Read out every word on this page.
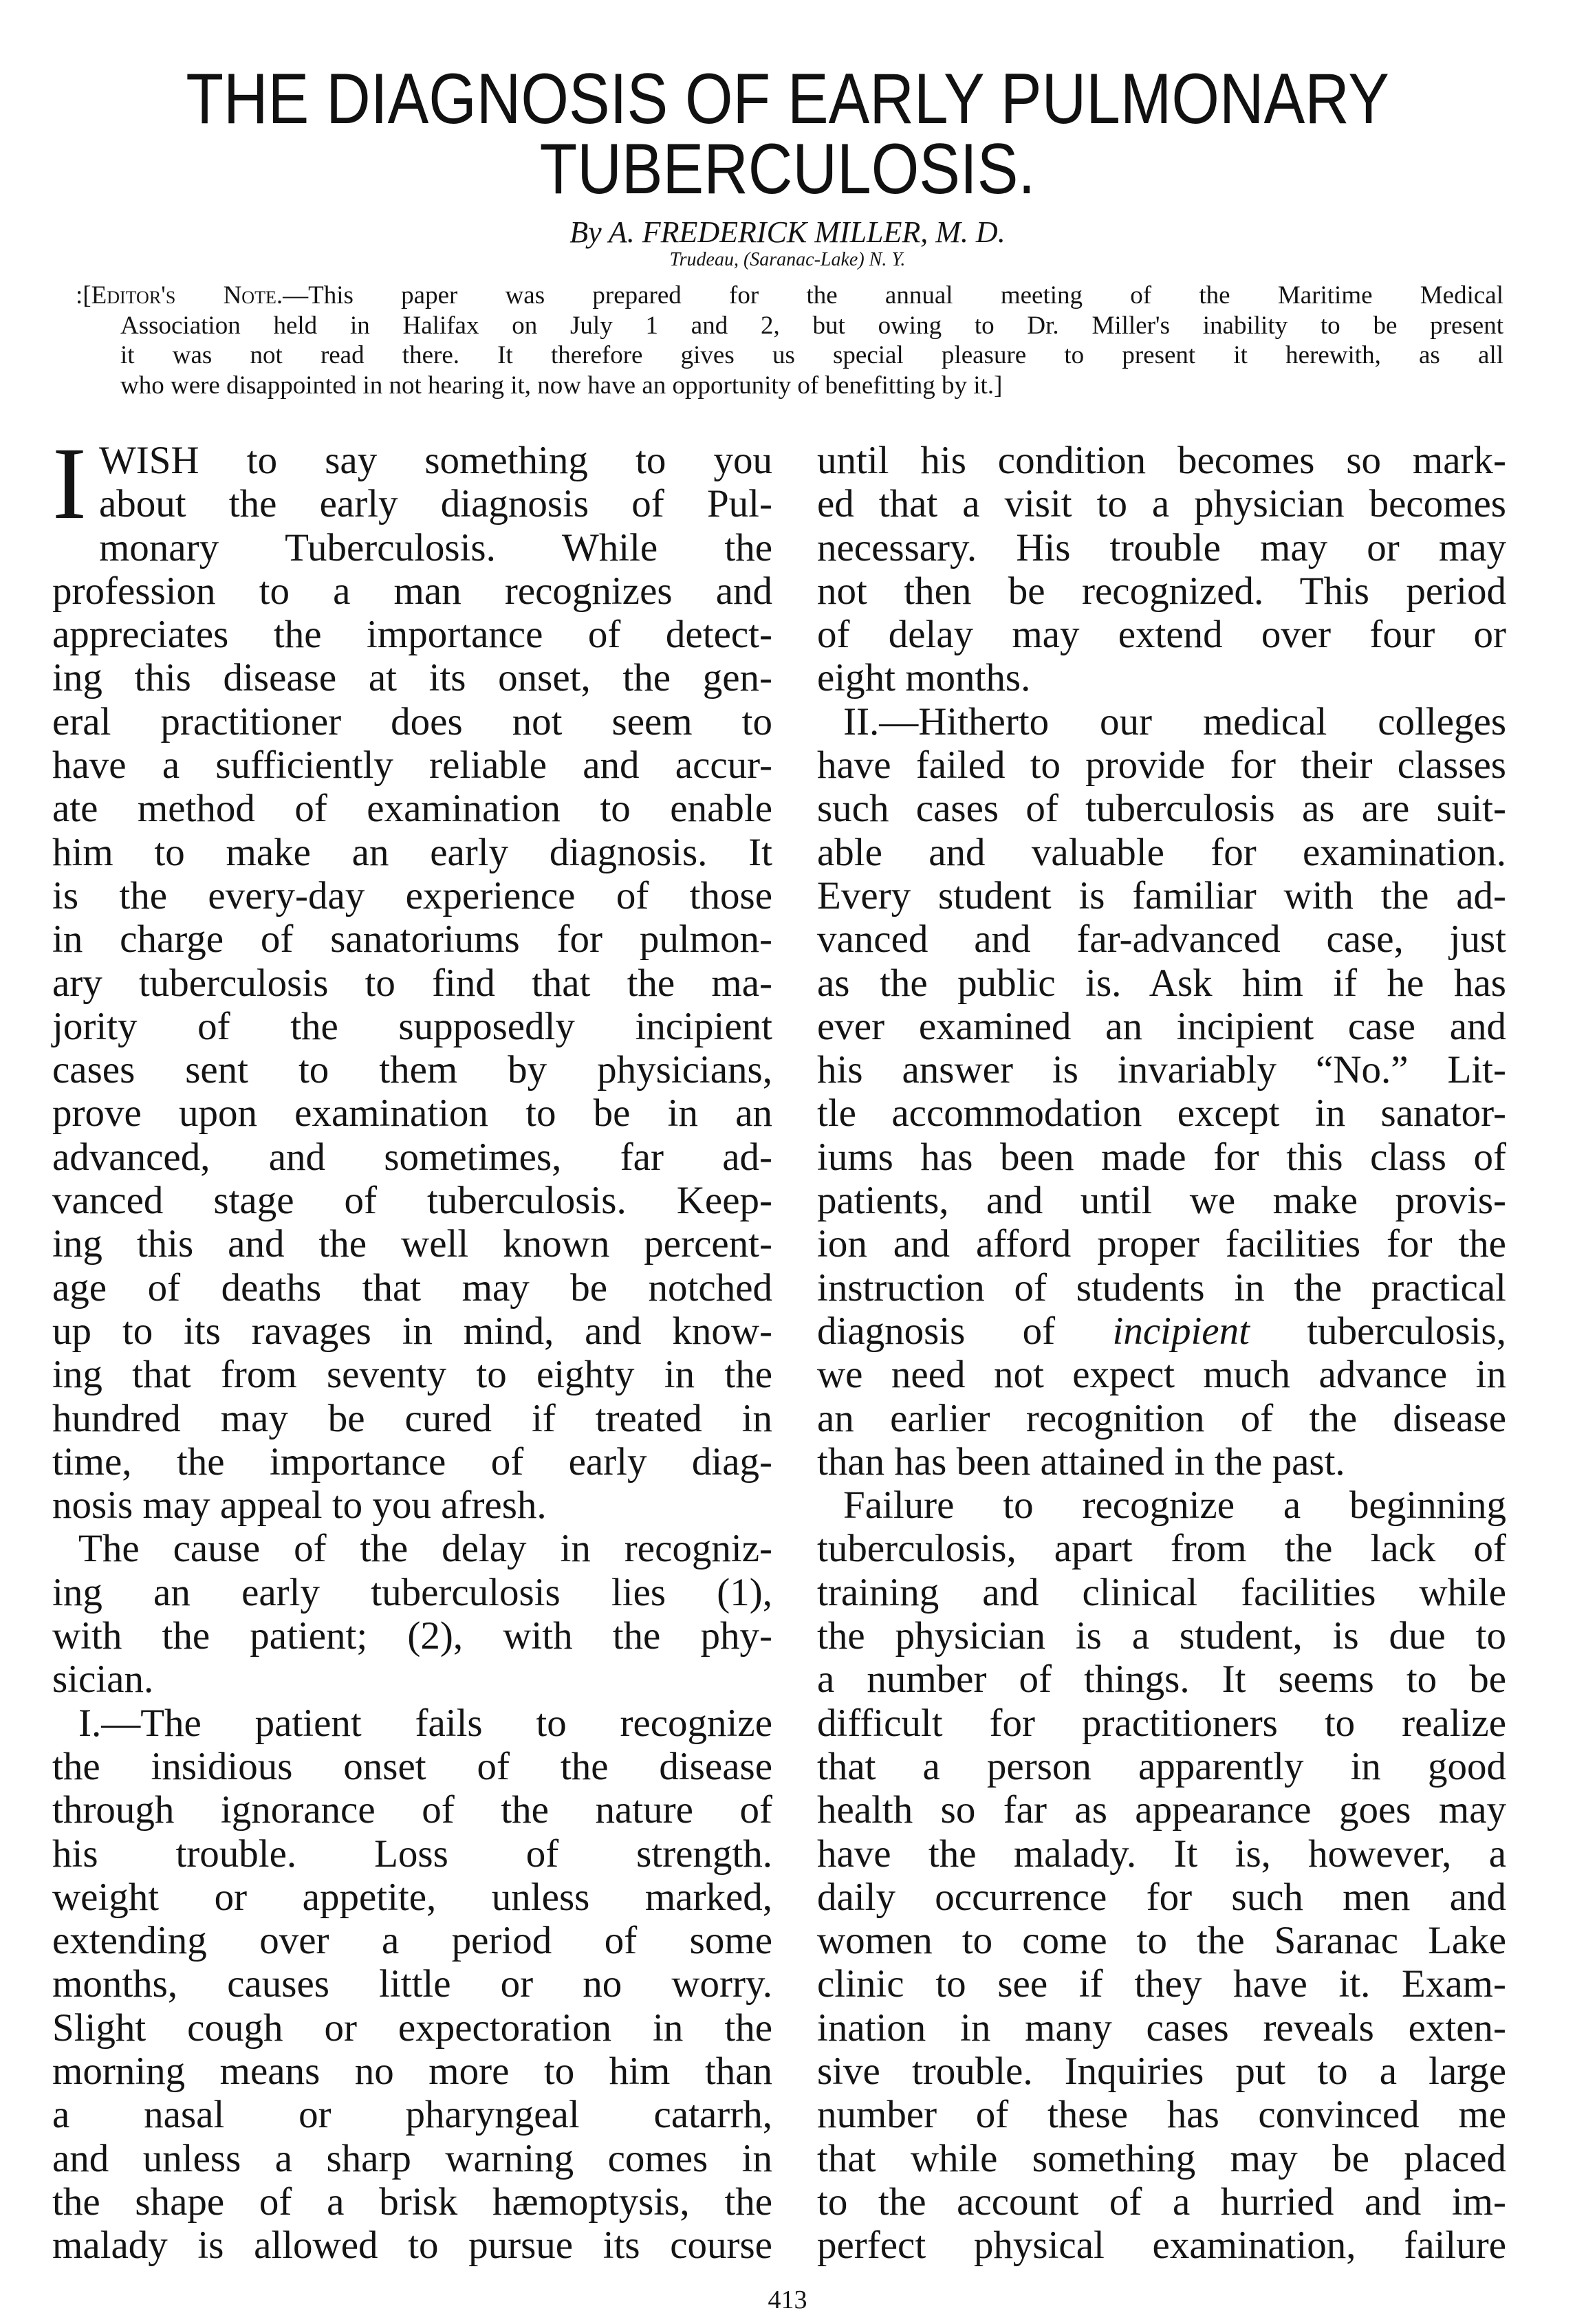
THE DIAGNOSIS OF EARLY PULMONARY
TUBERCULOSIS.
By A. FREDERICK MILLER, M. D.
Trudeau, (Saranac-Lake) N. Y.
:[Editor's Note.—This paper was prepared for the annual meeting of the Maritime Medical
Association held in Halifax on July 1 and 2, but owing to Dr. Miller's inability to be present
it was not read there. It therefore gives us special pleasure to present it herewith, as all
who were disappointed in not hearing it, now have an opportunity of benefitting by it.]
I WISH to say something to you
about the early diagnosis of Pul-
monary Tuberculosis. While the
profession to a man recognizes and
appreciates the importance of detect-
ing this disease at its onset, the gen-
eral practitioner does not seem to
have a sufficiently reliable and accur-
ate method of examination to enable
him to make an early diagnosis. It
is the every-day experience of those
in charge of sanatoriums for pulmon-
ary tuberculosis to find that the ma-
jority of the supposedly incipient
cases sent to them by physicians,
prove upon examination to be in an
advanced, and sometimes, far ad-
vanced stage of tuberculosis. Keep-
ing this and the well known percent-
age of deaths that may be notched
up to its ravages in mind, and know-
ing that from seventy to eighty in the
hundred may be cured if treated in
time, the importance of early diag-
nosis may appeal to you afresh.
The cause of the delay in recogniz-
ing an early tuberculosis lies (1),
with the patient; (2), with the phy-
sician.
I.—The patient fails to recognize
the insidious onset of the disease
through ignorance of the nature of
his trouble. Loss of strength.
weight or appetite, unless marked,
extending over a period of some
months, causes little or no worry.
Slight cough or expectoration in the
morning means no more to him than
a nasal or pharyngeal catarrh,
and unless a sharp warning comes in
the shape of a brisk hæmoptysis, the
malady is allowed to pursue its course
until his condition becomes so mark-
ed that a visit to a physician becomes
necessary. His trouble may or may
not then be recognized. This period
of delay may extend over four or
eight months.
II.—Hitherto our medical colleges
have failed to provide for their classes
such cases of tuberculosis as are suit-
able and valuable for examination.
Every student is familiar with the ad-
vanced and far-advanced case, just
as the public is. Ask him if he has
ever examined an incipient case and
his answer is invariably “No.” Lit-
tle accommodation except in sanator-
iums has been made for this class of
patients, and until we make provis-
ion and afford proper facilities for the
instruction of students in the practical
diagnosis of incipient tuberculosis,
we need not expect much advance in
an earlier recognition of the disease
than has been attained in the past.
Failure to recognize a beginning
tuberculosis, apart from the lack of
training and clinical facilities while
the physician is a student, is due to
a number of things. It seems to be
difficult for practitioners to realize
that a person apparently in good
health so far as appearance goes may
have the malady. It is, however, a
daily occurrence for such men and
women to come to the Saranac Lake
clinic to see if they have it. Exam-
ination in many cases reveals exten-
sive trouble. Inquiries put to a large
number of these has convinced me
that while something may be placed
to the account of a hurried and im-
perfect physical examination, failure
413
